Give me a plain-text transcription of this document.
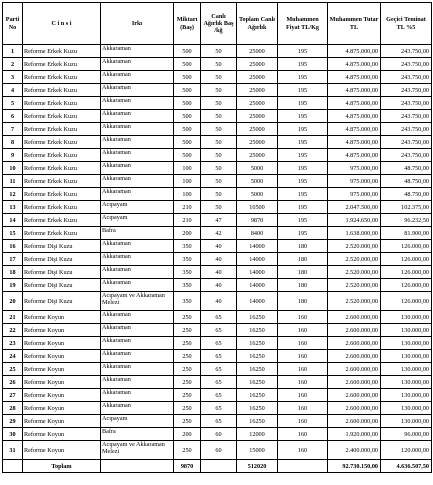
Parti No	C i n s i	Irkı	Miktarı (Baş)	Canlı Ağırlık Baş /kğ	Toplam Canlı Ağırlık	Muhammen Fiyat TL/Kg	Muhammen Tutar TL	Geçici Teminat TL %5
1	Reforme Erkek Kuzu	Akkaraman	500	50	25000	195	4.875.000,00	243.750,00
2	Reforme Erkek Kuzu	Akkaraman	500	50	25000	195	4.875.000,00	243.750,00
3	Reforme Erkek Kuzu	Akkaraman	500	50	25000	195	4.875.000,00	243.750,00
4	Reforme Erkek Kuzu	Akkaraman	500	50	25000	195	4.875.000,00	243.750,00
5	Reforme Erkek Kuzu	Akkaraman	500	50	25000	195	4.875.000,00	243.750,00
6	Reforme Erkek Kuzu	Akkaraman	500	50	25000	195	4.875.000,00	243.750,00
7	Reforme Erkek Kuzu	Akkaraman	500	50	25000	195	4.875.000,00	243.750,00
8	Reforme Erkek Kuzu	Akkaraman	500	50	25000	195	4.875.000,00	243.750,00
9	Reforme Erkek Kuzu	Akkaraman	500	50	25000	195	4.875.000,00	243.750,00
10	Reforme Erkek Kuzu	Akkaraman	100	50	5000	195	975.000,00	48.750,00
11	Reforme Erkek Kuzu	Akkaraman	100	50	5000	195	975.000,00	48.750,00
12	Reforme Erkek Kuzu	Akkaraman	100	50	5000	195	975.000,00	48.750,00
13	Reforme Erkek Kuzu	Acıpayam	210	50	10500	195	2.047.500,00	102.375,00
14	Reforme Erkek Kuzu	Acıpayam	210	47	9870	195	1.924.650,00	96.232,50
15	Reforme Erkek Kuzu	Bafra	200	42	8400	195	1.638.000,00	81.900,00
16	Reforme Dişi Kuzu	Akkaraman	350	40	14000	180	2.520.000,00	126.000,00
17	Reforme Dişi Kuzu	Akkaraman	350	40	14000	180	2.520.000,00	126.000,00
18	Reforme Dişi Kuzu	Akkaraman	350	40	14000	180	2.520.000,00	126.000,00
19	Reforme Dişi Kuzu	Akkaraman	350	40	14000	180	2.520.000,00	126.000,00
20	Reforme Dişi Kuzu	Acıpayam ve Akkaraman Melezi	350	40	14000	180	2.520.000,00	126.000,00
21	Reforme Koyun	Akkaraman	250	65	16250	160	2.600.000,00	130.000,00
22	Reforme Koyun	Akkaraman	250	65	16250	160	2.600.000,00	130.000,00
23	Reforme Koyun	Akkaraman	250	65	16250	160	2.600.000,00	130.000,00
24	Reforme Koyun	Akkaraman	250	65	16250	160	2.600.000,00	130.000,00
25	Reforme Koyun	Akkaraman	250	65	16250	160	2.600.000,00	130.000,00
26	Reforme Koyun	Akkaraman	250	65	16250	160	2.600.000,00	130.000,00
27	Reforme Koyun	Akkaraman	250	65	16250	160	2.600.000,00	130.000,00
28	Reforme Koyun	Akkaraman	250	65	16250	160	2.600.000,00	130.000,00
29	Reforme Koyun	Acıpayam	250	65	16250	160	2.600.000,00	130.000,00
30	Reforme Koyun	Bafra	200	60	12000	160	1.920.000,00	96.000,00
31	Reforme Koyun	Acıpayam ve Akkaraman Melezi	250	60	15000	160	2.400.000,00	120.000,00
	Toplam		9870		512020		92.730.150,00	4.636.507,50
